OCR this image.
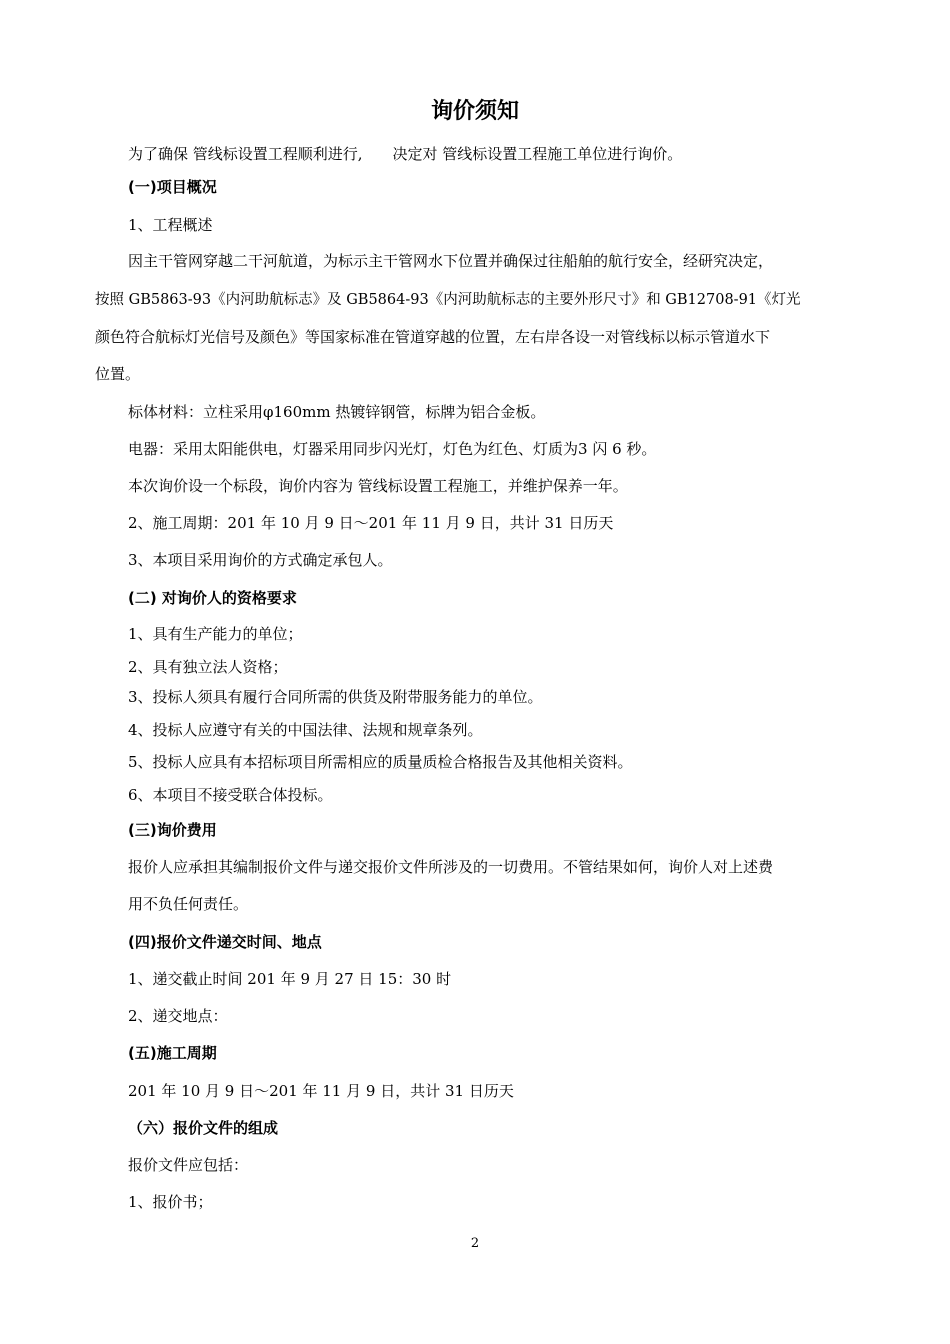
询价须知
为了确保 管线标设置工程顺利进行,　　决定对 管线标设置工程施工单位进行询价。
(一)项目概况
1、工程概述
因主干管网穿越二干河航道，为标示主干管网水下位置并确保过往船舶的航行安全，经研究决定，
按照 GB5863-93《内河助航标志》及 GB5864-93《内河助航标志的主要外形尺寸》和 GB12708-91《灯光
颜色符合航标灯光信号及颜色》等国家标准在管道穿越的位置，左右岸各设一对管线标以标示管道水下
位置。
标体材料：立柱采用φ160mm 热镀锌钢管，标牌为铝合金板。
电器：采用太阳能供电，灯器采用同步闪光灯，灯色为红色、灯质为3 闪 6 秒。
本次询价设一个标段，询价内容为 管线标设置工程施工，并维护保养一年。
2、施工周期：201 年 10 月 9 日～201 年 11 月 9 日，共计 31 日历天
3、本项目采用询价的方式确定承包人。
(二) 对询价人的资格要求
1、具有生产能力的单位；
2、具有独立法人资格；
3、投标人须具有履行合同所需的供货及附带服务能力的单位。
4、投标人应遵守有关的中国法律、法规和规章条列。
5、投标人应具有本招标项目所需相应的质量质检合格报告及其他相关资料。
6、本项目不接受联合体投标。
(三)询价费用
报价人应承担其编制报价文件与递交报价文件所涉及的一切费用。不管结果如何，询价人对上述费
用不负任何责任。
(四)报价文件递交时间、地点
1、递交截止时间 201 年 9 月 27 日 15：30 时
2、递交地点：
(五)施工周期
201 年 10 月 9 日～201 年 11 月 9 日，共计 31 日历天
（六）报价文件的组成
报价文件应包括：
1、报价书；
2
